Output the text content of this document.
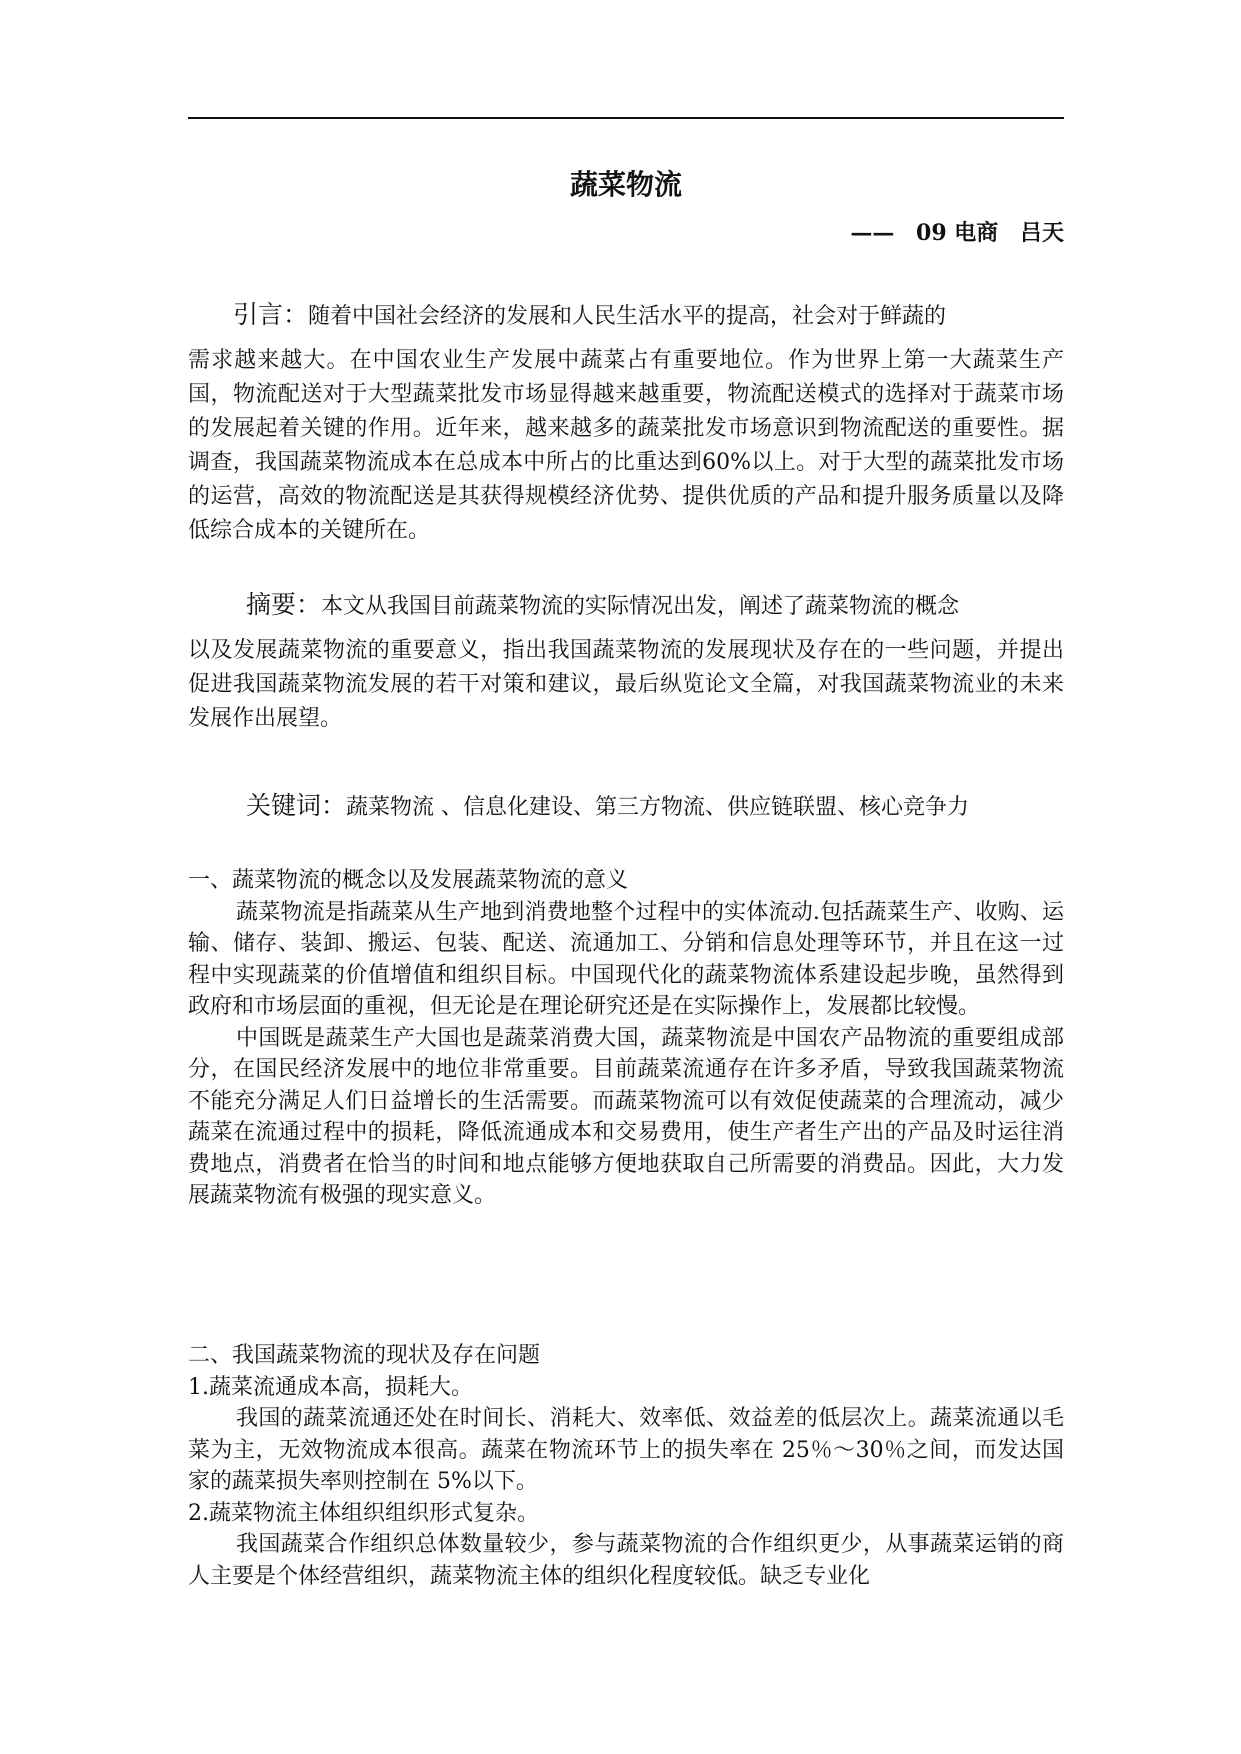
蔬菜物流
—— 09 电商 吕天
引言：随着中国社会经济的发展和人民生活水平的提高，社会对于鲜蔬的
需求越来越大。在中国农业生产发展中蔬菜占有重要地位。作为世界上第一大蔬菜生产国，物流配送对于大型蔬菜批发市场显得越来越重要，物流配送模式的选择对于蔬菜市场的发展起着关键的作用。近年来，越来越多的蔬菜批发市场意识到物流配送的重要性。据调查，我国蔬菜物流成本在总成本中所占的比重达到60%以上。对于大型的蔬菜批发市场的运营，高效的物流配送是其获得规模经济优势、提供优质的产品和提升服务质量以及降低综合成本的关键所在。
摘要：本文从我国目前蔬菜物流的实际情况出发，阐述了蔬菜物流的概念
以及发展蔬菜物流的重要意义，指出我国蔬菜物流的发展现状及存在的一些问题，并提出促进我国蔬菜物流发展的若干对策和建议，最后纵览论文全篇，对我国蔬菜物流业的未来发展作出展望。
关键词：蔬菜物流 、信息化建设、第三方物流、供应链联盟、核心竞争力

一、蔬菜物流的概念以及发展蔬菜物流的意义

蔬菜物流是指蔬菜从生产地到消费地整个过程中的实体流动.包括蔬菜生产、收购、运输、储存、装卸、搬运、包装、配送、流通加工、分销和信息处理等环节，并且在这一过程中实现蔬菜的价值增值和组织目标。中国现代化的蔬菜物流体系建设起步晚，虽然得到政府和市场层面的重视，但无论是在理论研究还是在实际操作上，发展都比较慢。

中国既是蔬菜生产大国也是蔬菜消费大国，蔬菜物流是中国农产品物流的重要组成部分，在国民经济发展中的地位非常重要。目前蔬菜流通存在许多矛盾，导致我国蔬菜物流不能充分满足人们日益增长的生活需要。而蔬菜物流可以有效促使蔬菜的合理流动，减少蔬菜在流通过程中的损耗，降低流通成本和交易费用，使生产者生产出的产品及时运往消费地点，消费者在恰当的时间和地点能够方便地获取自己所需要的消费品。因此，大力发展蔬菜物流有极强的现实意义。

二、我国蔬菜物流的现状及存在问题

1.蔬菜流通成本高，损耗大。

我国的蔬菜流通还处在时间长、消耗大、效率低、效益差的低层次上。蔬菜流通以毛菜为主，无效物流成本很高。蔬菜在物流环节上的损失率在 25％～30％之间，而发达国家的蔬菜损失率则控制在 5%以下。

2.蔬菜物流主体组织组织形式复杂。

我国蔬菜合作组织总体数量较少，参与蔬菜物流的合作组织更少，从事蔬菜运销的商人主要是个体经营组织，蔬菜物流主体的组织化程度较低。缺乏专业化
